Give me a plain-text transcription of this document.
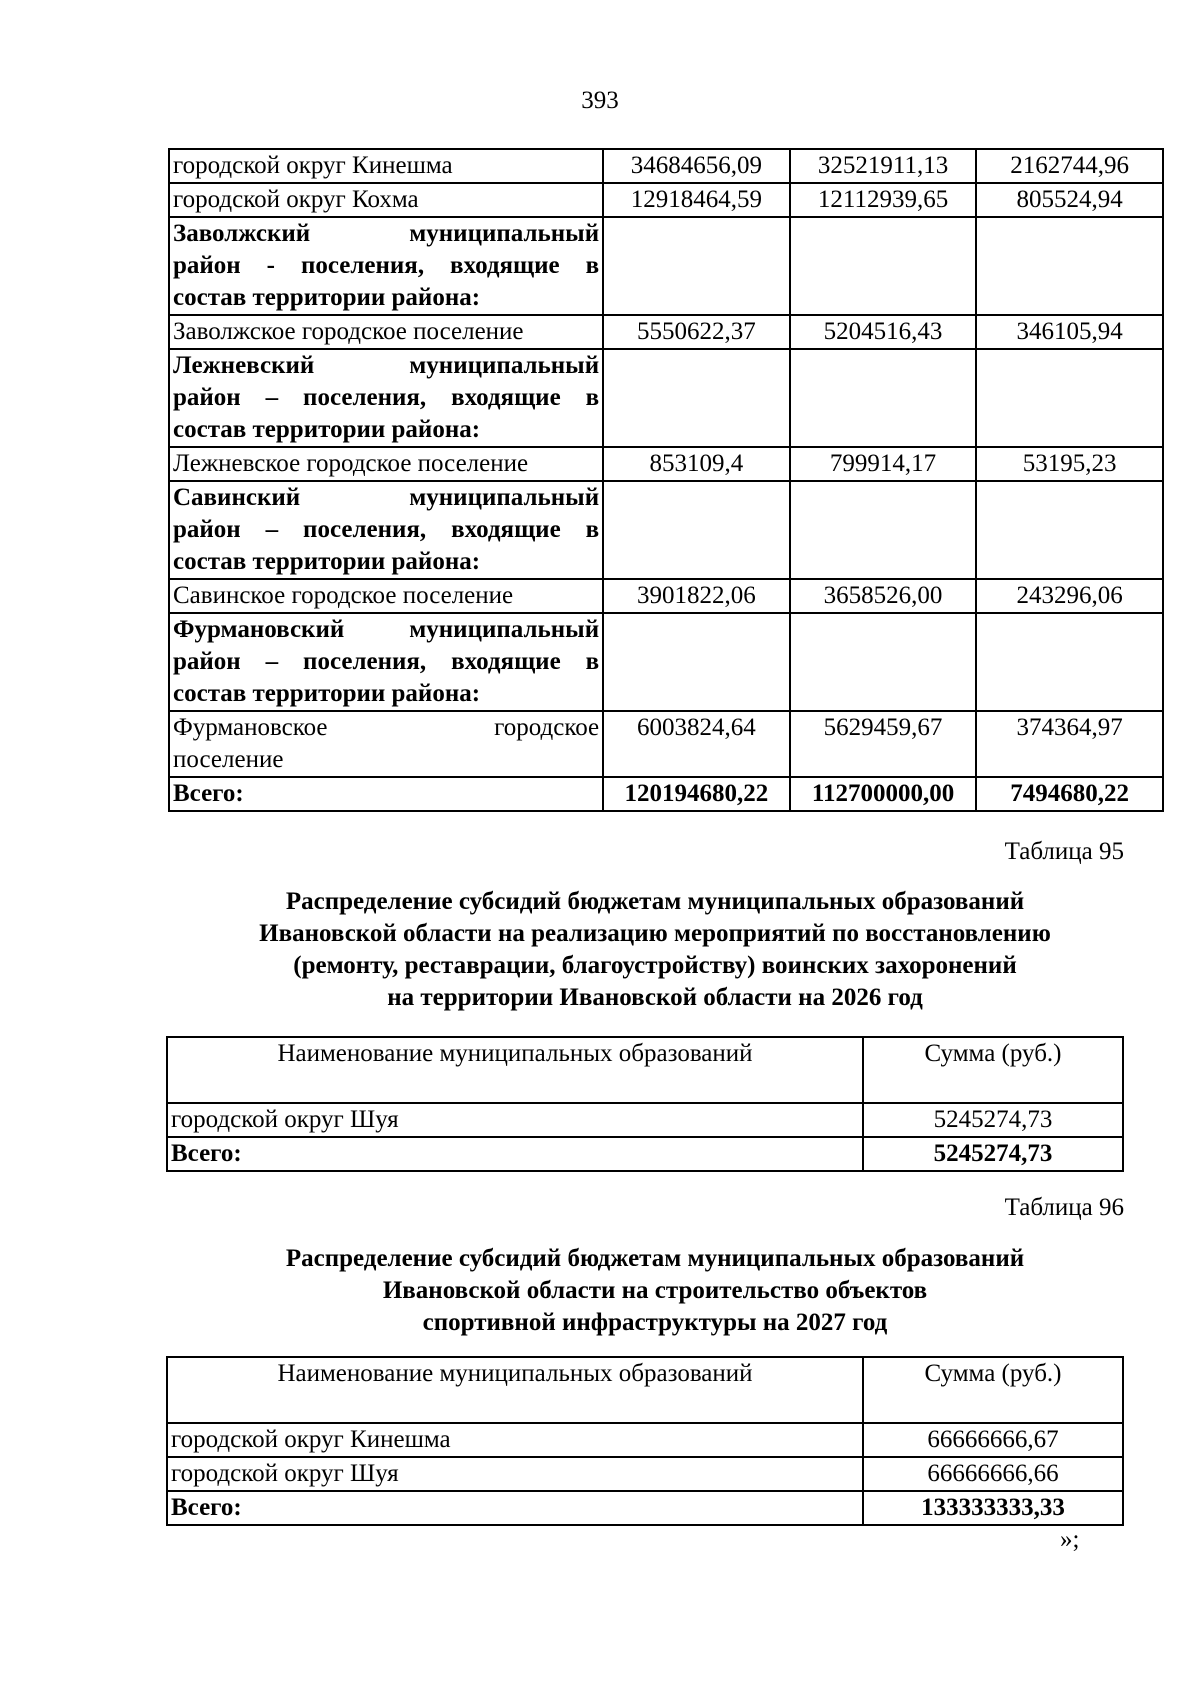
393
городской округ Кинешма	34684656,09	32521911,13	2162744,96
городской округ Кохма	12918464,59	12112939,65	805524,94

Заволжский муниципальный
район - поселения, входящие в
состав территории района:			

Заволжское городское поселение	5550622,37	5204516,43	346105,94

Лежневский муниципальный
район – поселения, входящие в
состав территории района:			

Лежневское городское поселение	853109,4	799914,17	53195,23

Савинский муниципальный
район – поселения, входящие в
состав территории района:			

Савинское городское поселение	3901822,06	3658526,00	243296,06

Фурмановский муниципальный
район – поселения, входящие в
состав территории района:			

Фурмановское городское
поселение	6003824,64	5629459,67	374364,97
Всего:	120194680,22	112700000,00	7494680,22
Таблица 95
Распределение субсидий бюджетам муниципальных образований
Ивановской области на реализацию мероприятий по восстановлению
(ремонту, реставрации, благоустройству) воинских захоронений
на территории Ивановской области на 2026 год
Наименование муниципальных образований	Сумма (руб.)
городской округ Шуя	5245274,73
Всего:	5245274,73
Таблица 96
Распределение субсидий бюджетам муниципальных образований
Ивановской области на строительство объектов
спортивной инфраструктуры на 2027 год
Наименование муниципальных образований	Сумма (руб.)
городской округ Кинешма	66666666,67
городской округ Шуя	66666666,66
Всего:	133333333,33
»;
